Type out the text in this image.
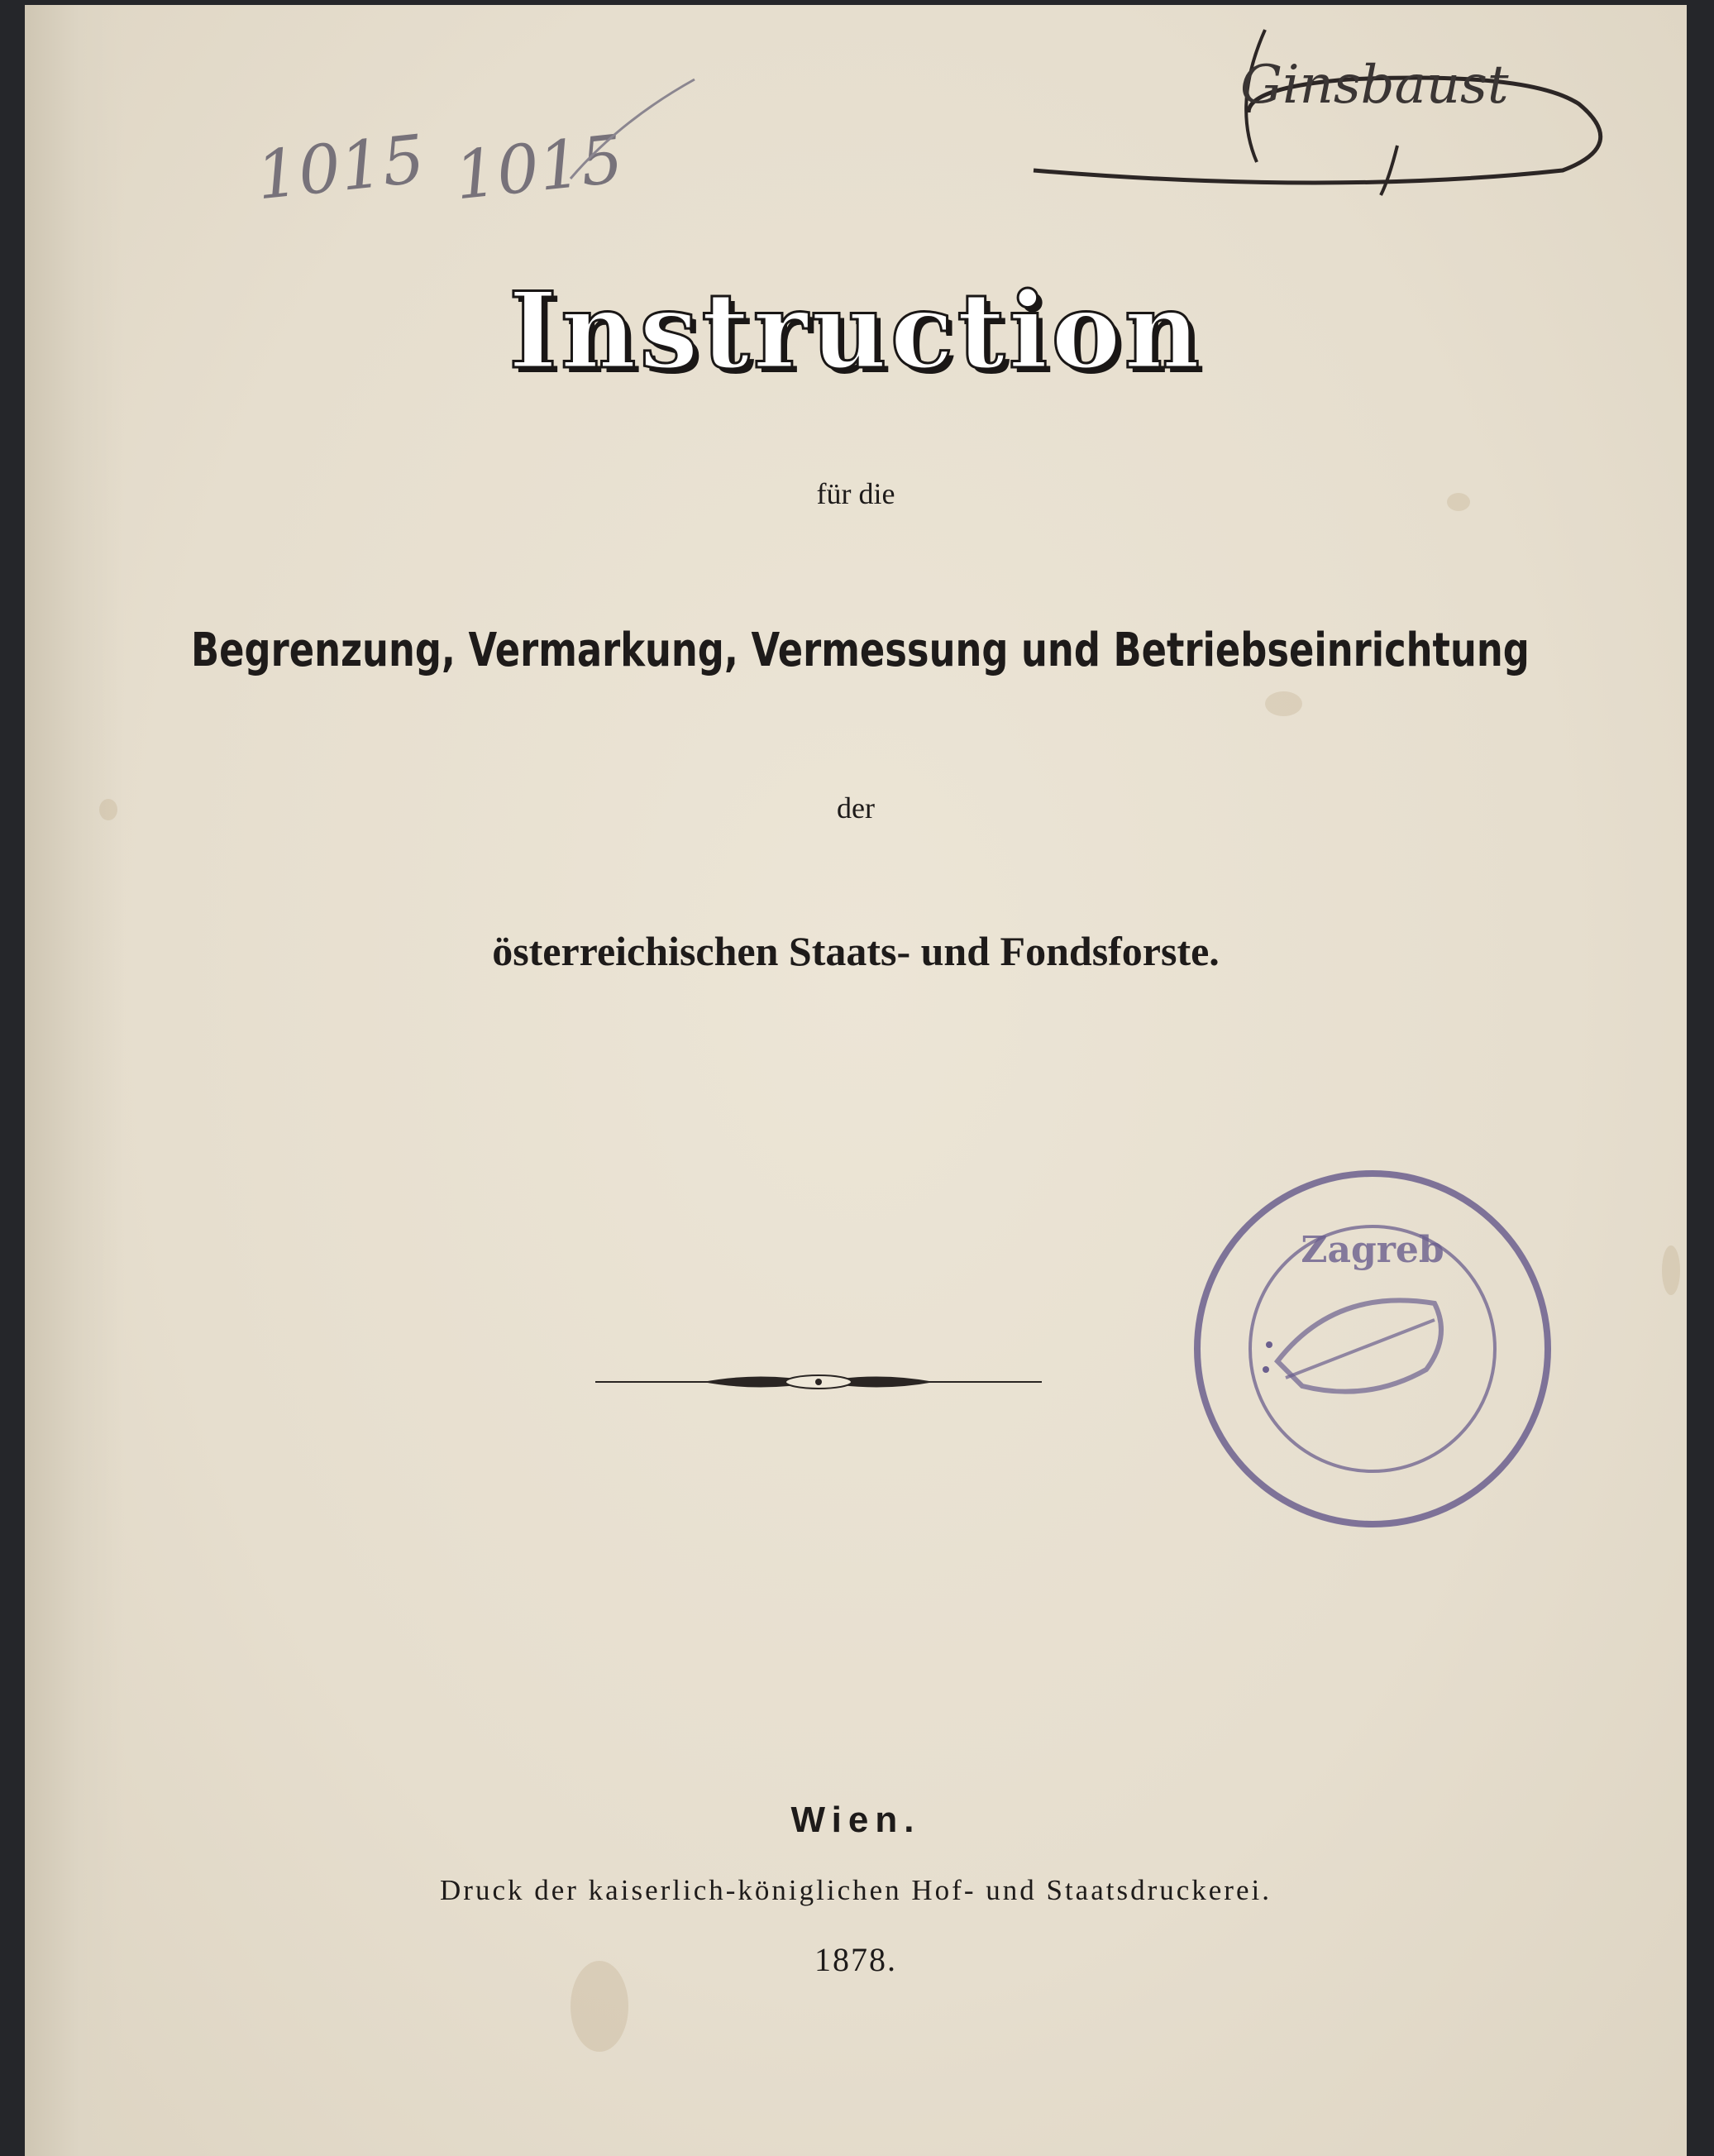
1015 1015
Ginsbaust
Instruction

für die

Begrenzung, Vermarkung, Vermessung und Betriebseinrichtung

der

österreichischen Staats- und Fondsforste.

Zagreb

Wien.

Druck der kaiserlich-königlichen Hof- und Staatsdruckerei.

1878.
